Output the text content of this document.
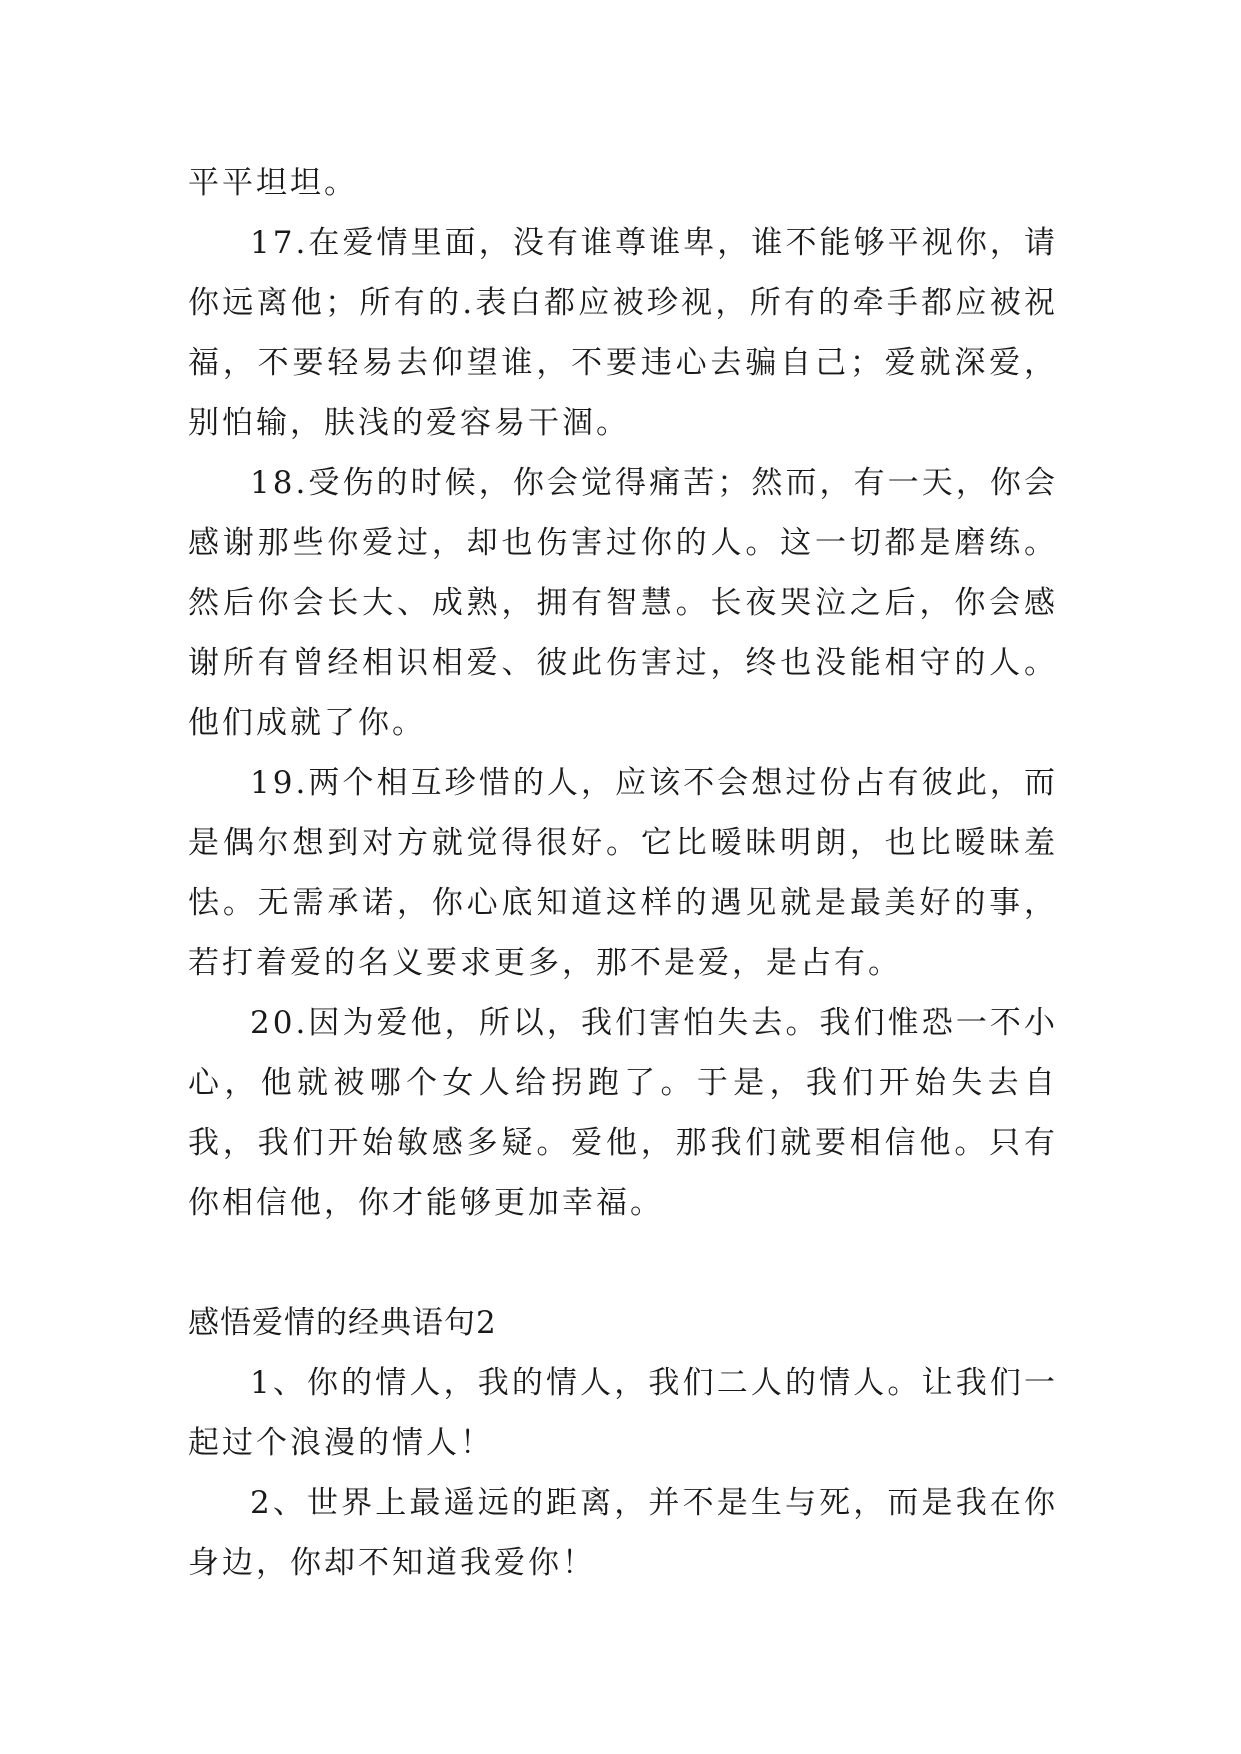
平平坦坦。

17.在爱情里面，没有谁尊谁卑，谁不能够平视你，请你远离他；所有的.表白都应被珍视，所有的牵手都应被祝福，不要轻易去仰望谁，不要违心去骗自己；爱就深爱，别怕输，肤浅的爱容易干涸。

18.受伤的时候，你会觉得痛苦；然而，有一天，你会感谢那些你爱过，却也伤害过你的人。这一切都是磨练。然后你会长大、成熟，拥有智慧。长夜哭泣之后，你会感谢所有曾经相识相爱、彼此伤害过，终也没能相守的人。他们成就了你。

19.两个相互珍惜的人，应该不会想过份占有彼此，而是偶尔想到对方就觉得很好。它比暧昧明朗，也比暧昧羞怯。无需承诺，你心底知道这样的遇见就是最美好的事，若打着爱的名义要求更多，那不是爱，是占有。

20.因为爱他，所以，我们害怕失去。我们惟恐一不小心，他就被哪个女人给拐跑了。于是，我们开始失去自我，我们开始敏感多疑。爱他，那我们就要相信他。只有你相信他，你才能够更加幸福。

感悟爱情的经典语句2

1、你的情人，我的情人，我们二人的情人。让我们一起过个浪漫的情人！

2、世界上最遥远的距离，并不是生与死，而是我在你身边，你却不知道我爱你！
